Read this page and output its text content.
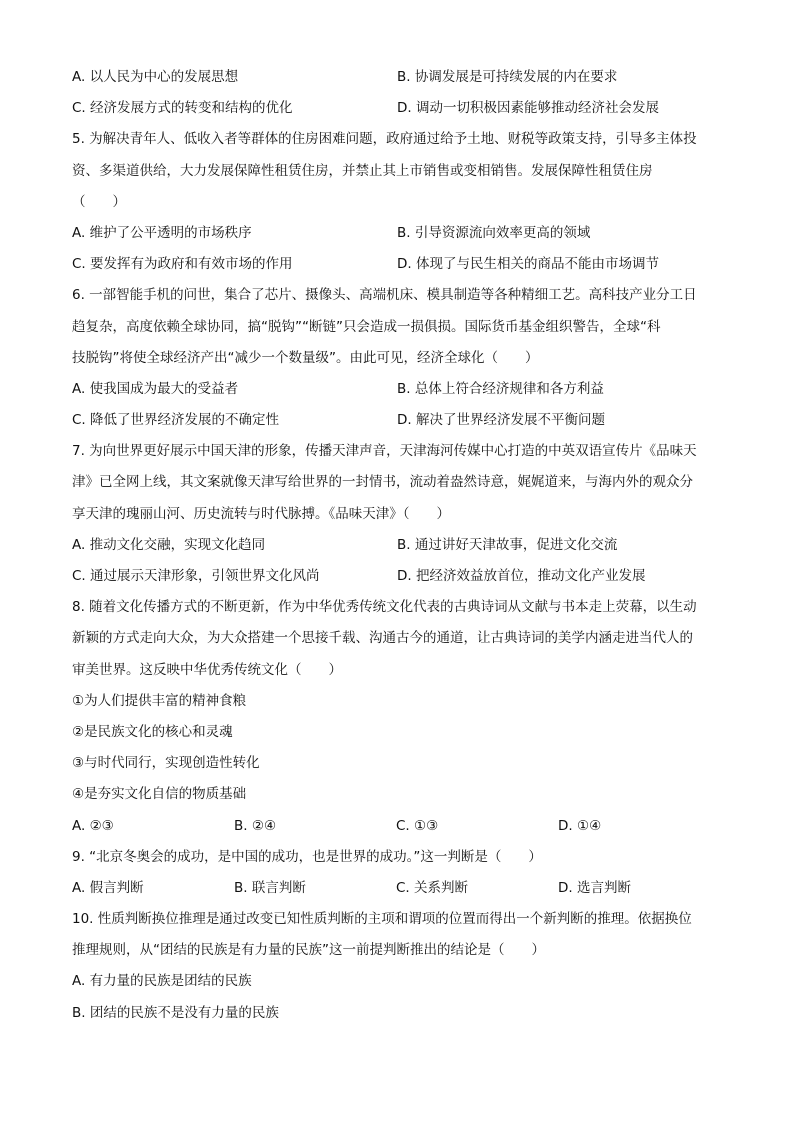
A. 以人民为中心的发展思想	B. 协调发展是可持续发展的内在要求
C. 经济发展方式的转变和结构的优化	D. 调动一切积极因素能够推动经济社会发展
5. 为解决青年人、低收入者等群体的住房困难问题，政府通过给予土地、财税等政策支持，引导多主体投
资、多渠道供给，大力发展保障性租赁住房，并禁止其上市销售或变相销售。发展保障性租赁住房
（　　）
A. 维护了公平透明的市场秩序	B. 引导资源流向效率更高的领域
C. 要发挥有为政府和有效市场的作用	D. 体现了与民生相关的商品不能由市场调节
6. 一部智能手机的问世，集合了芯片、摄像头、高端机床、模具制造等各种精细工艺。高科技产业分工日
趋复杂，高度依赖全球协同，搞“脱钩”“断链”只会造成一损俱损。国际货币基金组织警告，全球“科
技脱钩”将使全球经济产出“减少一个数量级”。由此可见，经济全球化（　　）
A. 使我国成为最大的受益者	B. 总体上符合经济规律和各方利益
C. 降低了世界经济发展的不确定性	D. 解决了世界经济发展不平衡问题
7. 为向世界更好展示中国天津的形象，传播天津声音，天津海河传媒中心打造的中英双语宣传片《品味天
津》已全网上线，其文案就像天津写给世界的一封情书，流动着盎然诗意，娓娓道来，与海内外的观众分
享天津的瑰丽山河、历史流转与时代脉搏。《品味天津》（　　）
A. 推动文化交融，实现文化趋同	B. 通过讲好天津故事，促进文化交流
C. 通过展示天津形象，引领世界文化风尚	D. 把经济效益放首位，推动文化产业发展
8. 随着文化传播方式的不断更新，作为中华优秀传统文化代表的古典诗词从文献与书本走上荧幕，以生动
新颖的方式走向大众，为大众搭建一个思接千载、沟通古今的通道，让古典诗词的美学内涵走进当代人的
审美世界。这反映中华优秀传统文化（　　）
①为人们提供丰富的精神食粮
②是民族文化的核心和灵魂
③与时代同行，实现创造性转化
④是夯实文化自信的物质基础
A. ②③	B. ②④	C. ①③	D. ①④
9. “北京冬奥会的成功，是中国的成功，也是世界的成功。”这一判断是（　　）
A. 假言判断	B. 联言判断	C. 关系判断	D. 选言判断
10. 性质判断换位推理是通过改变已知性质判断的主项和谓项的位置而得出一个新判断的推理。依据换位
推理规则，从“团结的民族是有力量的民族”这一前提判断推出的结论是（　　）
A. 有力量的民族是团结的民族
B. 团结的民族不是没有力量的民族
